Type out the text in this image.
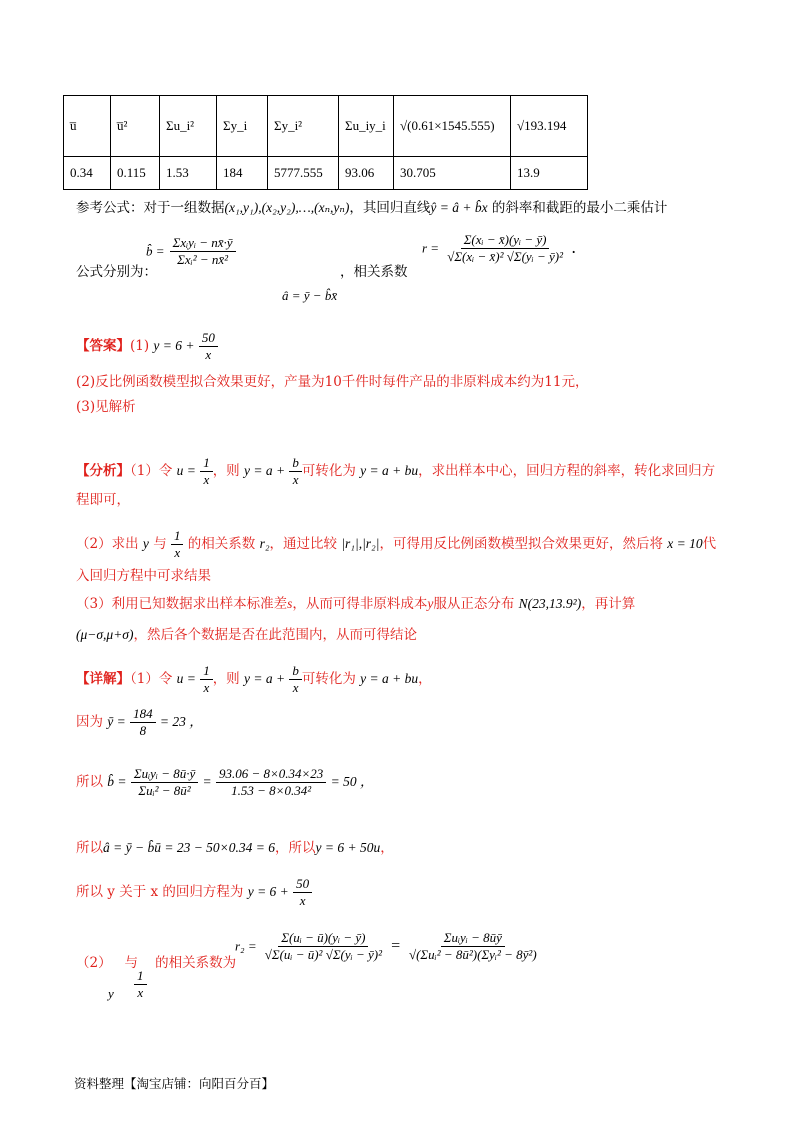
u̅	u̅²	Σu_i²	Σy_i	Σy_i²	Σu_iy_i	√(0.61×1545.555)	√193.194
0.34	0.115	1.53	184	5777.555	93.06	30.705	13.9
参考公式：对于一组数据(x₁,y₁),(x₂,y₂),…,(xₙ,yₙ)，其回归直线ŷ = â + b̂x 的斜率和截距的最小二乘估计
公式分别为：
b̂ = $\frac{\text{Σxᵢyᵢ − nx̄·ȳ}}{\text{Σxᵢ² − nx̄²}}$
â = ȳ − b̂x̄
，相关系数
$r = \frac{\text{Σ(xᵢ − x̄)(yᵢ − ȳ)}}{\text{√Σ(xᵢ − x̄)² √Σ(yᵢ − ȳ)²}}$ .
【答案】(1) $y = 6 + \frac{50}{x}$
(2)反比例函数模型拟合效果更好，产量为10千件时每件产品的非原料成本约为11元，
(3)见解析
【分析】（1）令 $u = \frac{1}{x}$ ，则 $y = a + \frac{b}{x}$ 可转化为 y = a + bu，求出样本中心，回归方程的斜率，转化求回归方
程即可，
（2）求出 y 与 $\frac{1}{x}$ 的相关系数 r₂，通过比较 |r₁|,|r₂|，可得用反比例函数模型拟合效果更好，然后将 x = 10代
入回归方程中可求结果
（3）利用已知数据求出样本标准差s，从而可得非原料成本y服从正态分布 N(23,13.9²)，再计算
(μ−σ,μ+σ)，然后各个数据是否在此范围内，从而可得结论
【详解】（1）令 $u = \frac{1}{x}$ ，则 $y = a + \frac{b}{x}$ 可转化为 y = a + bu，
因为 ȳ = $\frac{184}{8} = 23$ ，
所以 b̂ = $\frac{\text{Σuᵢyᵢ − 8ū·ȳ}}{\text{Σuᵢ² − 8ū²}} = \frac{93.06 - 8\times 0.34\times 23}{\text{1.53 − 8×0.34²}} = 50$ ，
所以â = ȳ − b̂ū = 23 − 50×0.34 = 6，所以y = 6 + 50u，
所以 y 关于 x 的回归方程为 $y = 6 + \frac{50}{x}$
（2） 与 的相关系数为
y $\frac{1}{x}$
$r_2 = \frac{\text{Σ(uᵢ − ū)(yᵢ − ȳ)}}{\text{√Σ(uᵢ − ū)² √Σ(yᵢ − ȳ)²}} = \frac{\text{Σuᵢyᵢ − 8ūȳ}}{\text{√(Σuᵢ² − 8ū²)(Σyᵢ² − 8ȳ²)}}$
资料整理【淘宝店铺：向阳百分百】
